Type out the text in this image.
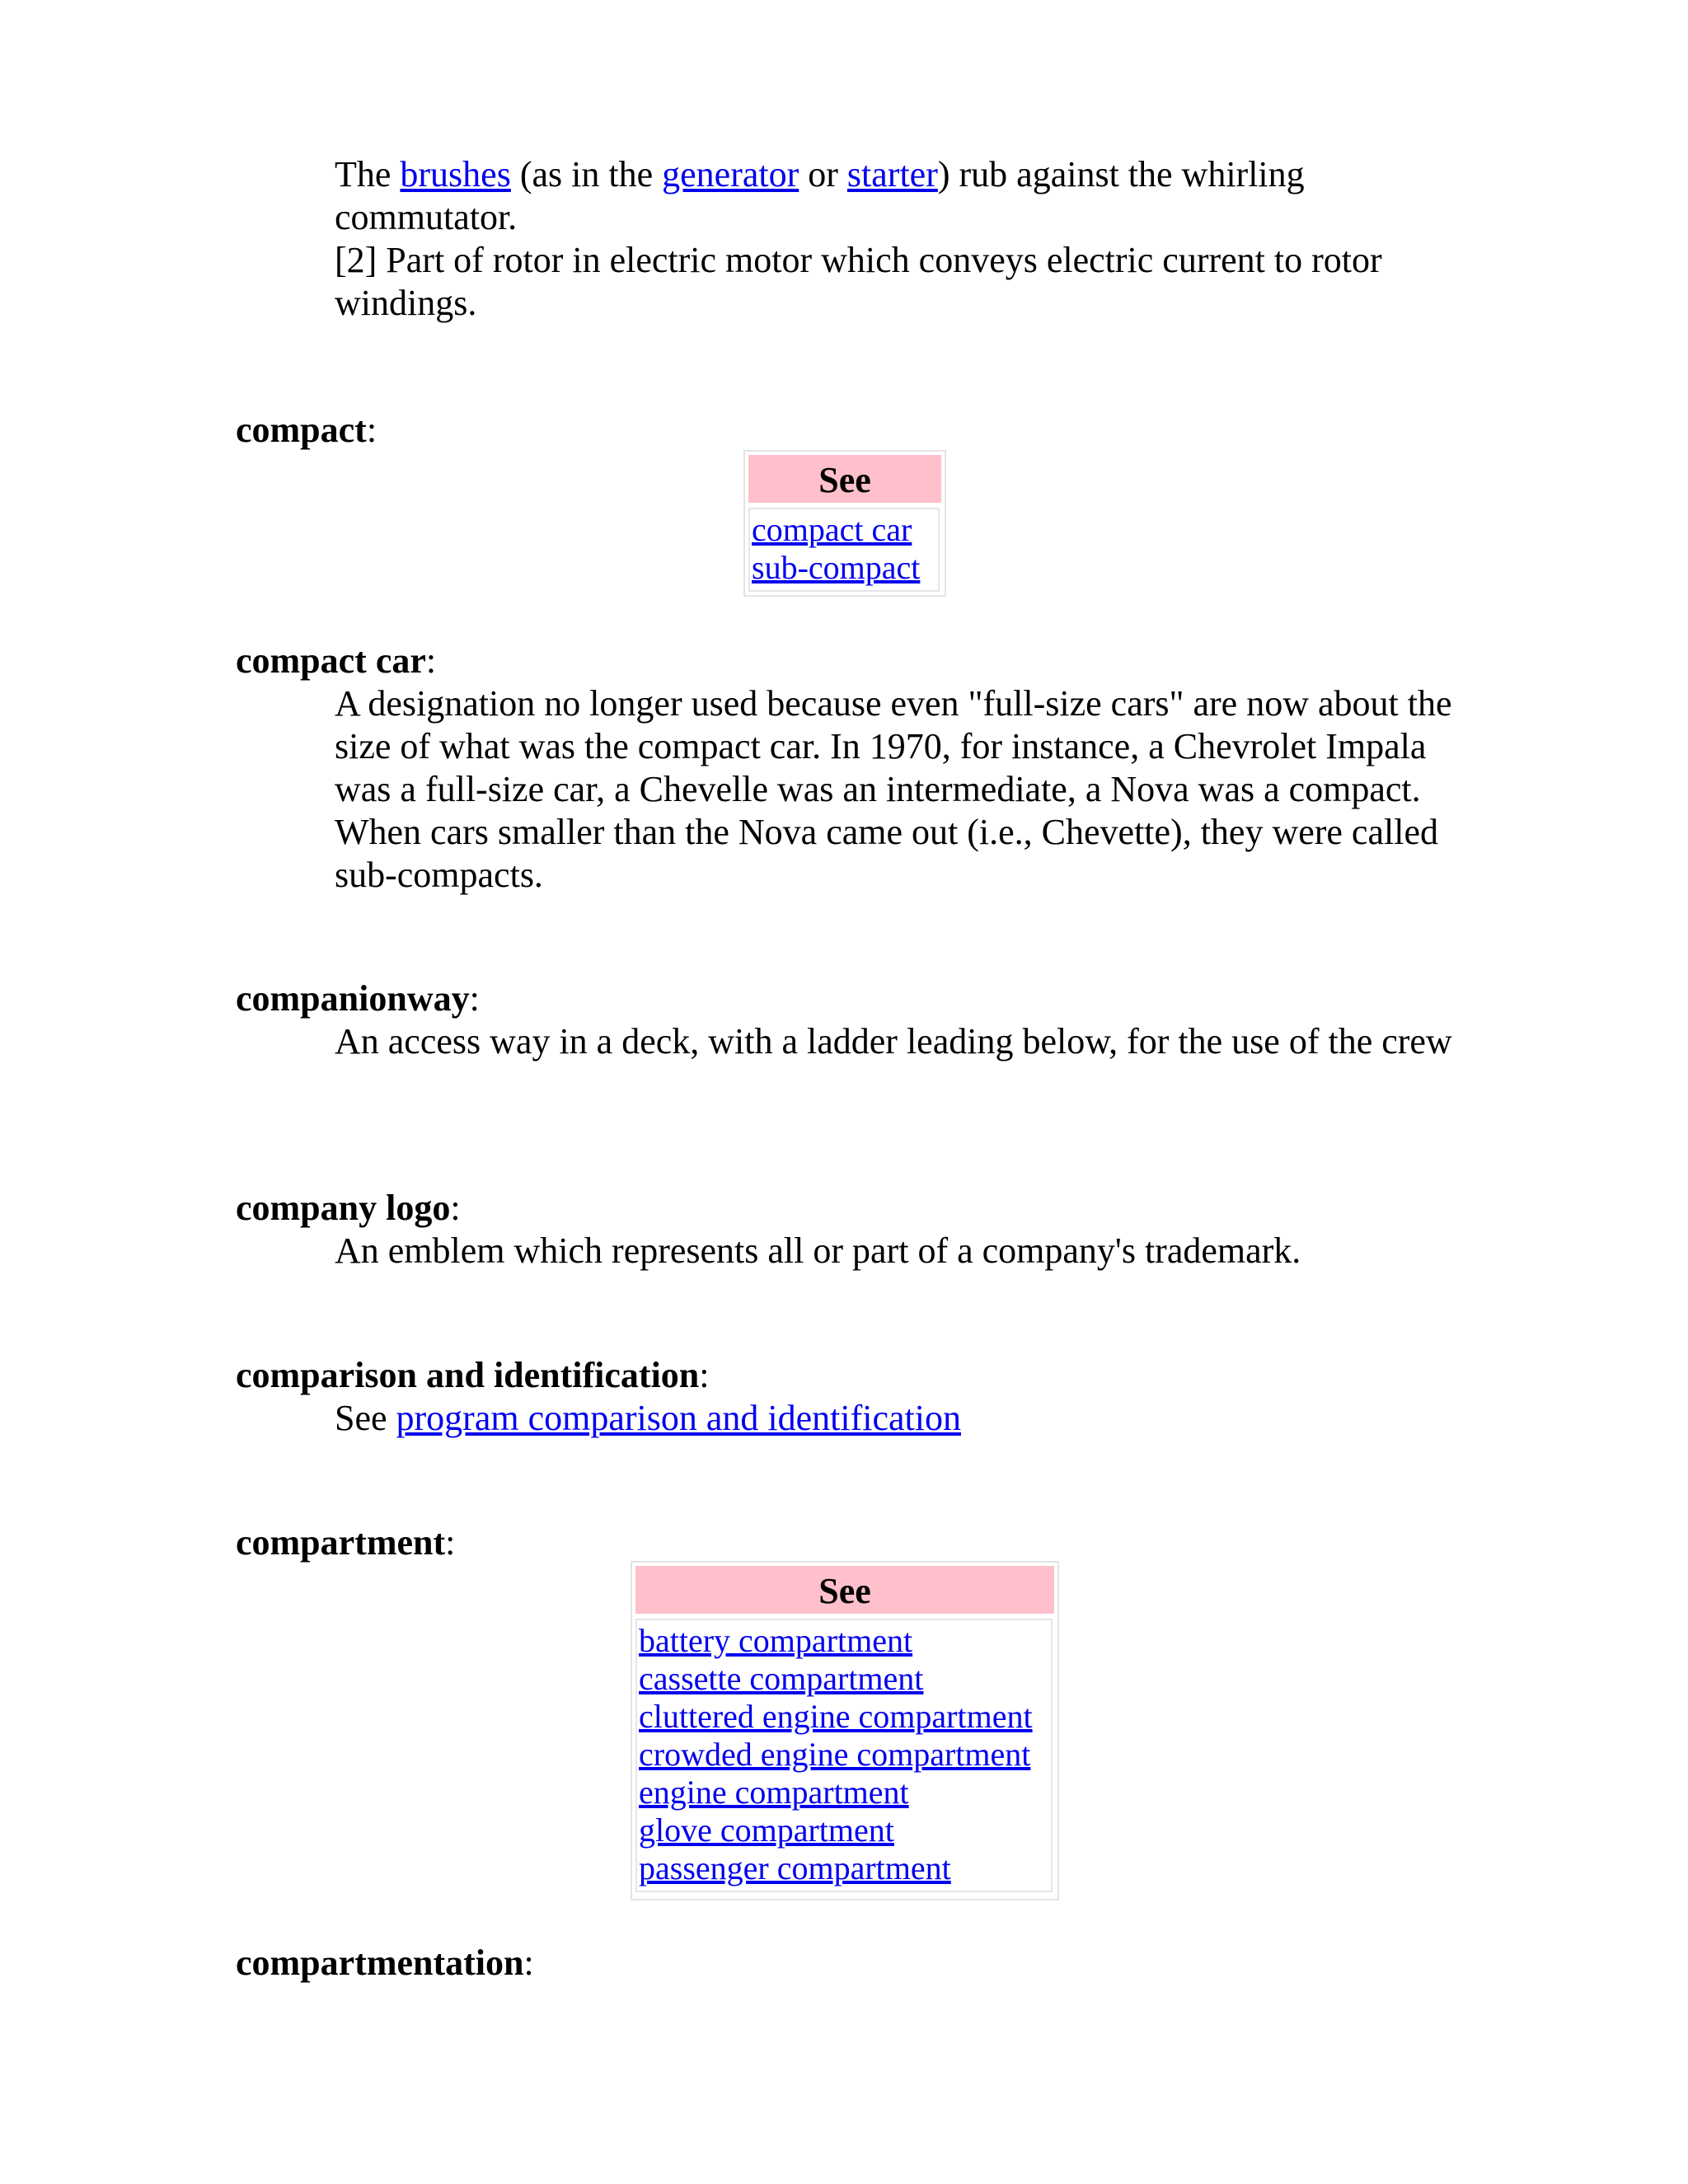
The brushes (as in the generator or starter) rub against the whirling commutator.
[2] Part of rotor in electric motor which conveys electric current to rotor windings.
compact:
See
compact car
sub-compact
compact car:
A designation no longer used because even "full-size cars" are now about the size of what was the compact car. In 1970, for instance, a Chevrolet Impala was a full-size car, a Chevelle was an intermediate, a Nova was a compact. When cars smaller than the Nova came out (i.e., Chevette), they were called sub-compacts.
companionway:
An access way in a deck, with a ladder leading below, for the use of the crew
company logo:
An emblem which represents all or part of a company's trademark.
comparison and identification:
See program comparison and identification
compartment:
See
battery compartment
cassette compartment
cluttered engine compartment
crowded engine compartment
engine compartment
glove compartment
passenger compartment
compartmentation:
